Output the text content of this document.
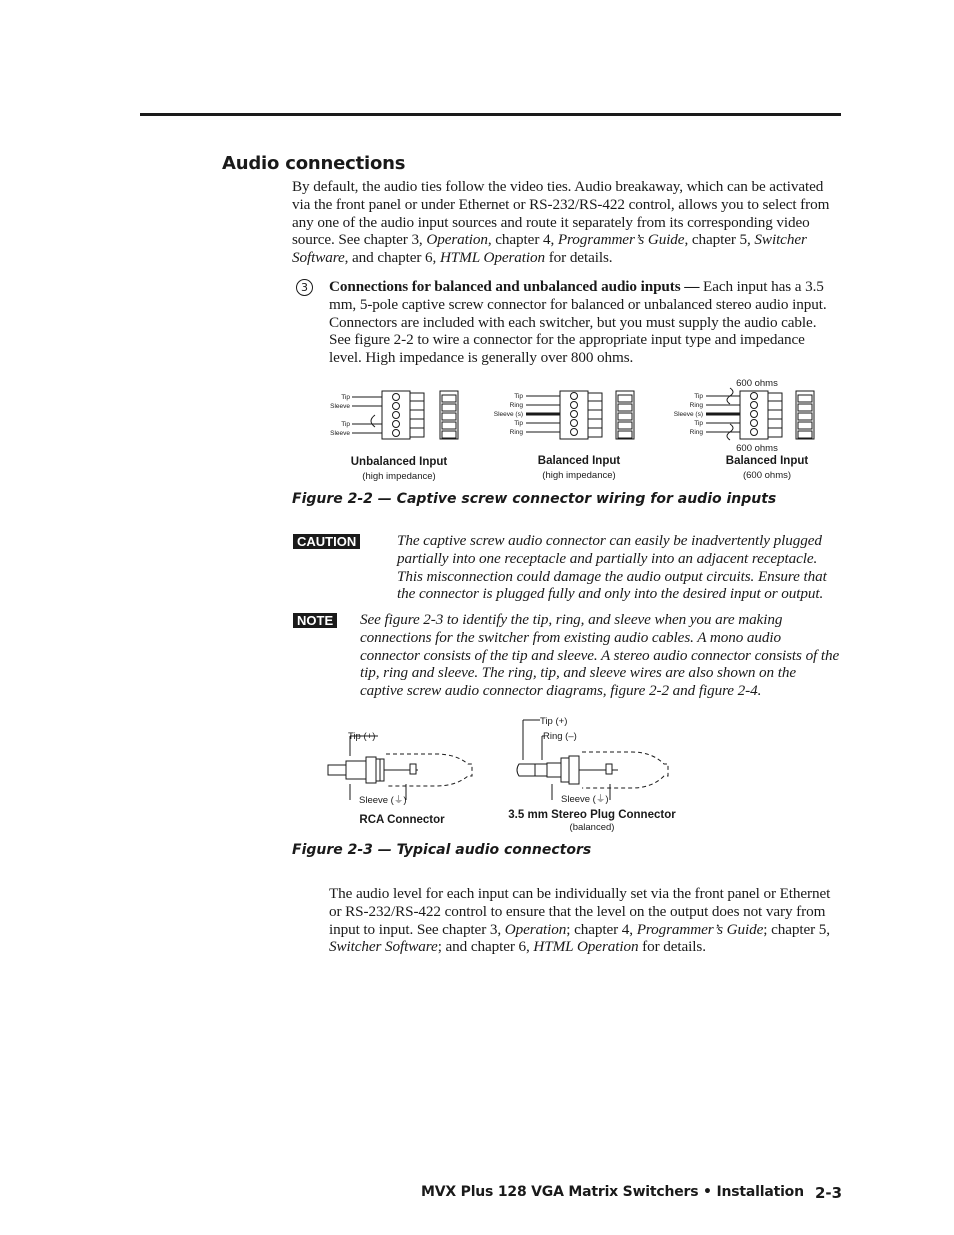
Audio connections

By default, the audio ties follow the video ties. Audio breakaway, which can be activated via the front panel or under Ethernet or RS-232/RS-422 control, allows you to select from any one of the audio input sources and route it separately from its corresponding video source. See chapter 3, Operation, chapter 4, Programmer’s Guide, chapter 5, Switcher Software, and chapter 6, HTML Operation for details.

3	Connections for balanced and unbalanced audio inputs — Each input has a 3.5 mm, 5-pole captive screw connector for balanced or unbalanced stereo audio input. Connectors are included with each switcher, but you must supply the audio cable. See figure 2-2 to wire a connector for the appropriate input type and impedance level. High impedance is generally over 800 ohms.

Tip
Sleeve
Tip
Sleeve
Unbalanced Input
(high impedance)
Tip
Ring
Sleeve (s)
Tip
Ring
Balanced Input
(high impedance)
600 ohms
600 ohms
Tip
Ring
Sleeve (s)
Tip
Ring
Balanced Input
(600 ohms)

Figure 2-2 — Captive screw connector wiring for audio inputs

CAUTION	The captive screw audio connector can easily be inadvertently plugged partially into one receptacle and partially into an adjacent receptacle. This misconnection could damage the audio output circuits. Ensure that the connector is plugged fully and only into the desired input or output.

NOTE See figure 2-3 to identify the tip, ring, and sleeve when you are making connections for the switcher from existing audio cables. A mono audio connector consists of the tip and sleeve. A stereo audio connector consists of the tip, ring and sleeve. The ring, tip, and sleeve wires are also shown on the captive screw audio connector diagrams, figure 2-2 and figure 2-4.

Tip (+)
Sleeve (⏚)
RCA Connector
Tip (+)
Ring (–)
Sleeve (⏚)
3.5 mm Stereo Plug Connector
(balanced)

Figure 2-3 — Typical audio connectors

The audio level for each input can be individually set via the front panel or Ethernet or RS-232/RS-422 control to ensure that the level on the output does not vary from input to input. See chapter 3, Operation; chapter 4, Programmer’s Guide; chapter 5, Switcher Software; and chapter 6, HTML Operation for details.

MVX Plus 128 VGA Matrix Switchers • Installation 2-3
